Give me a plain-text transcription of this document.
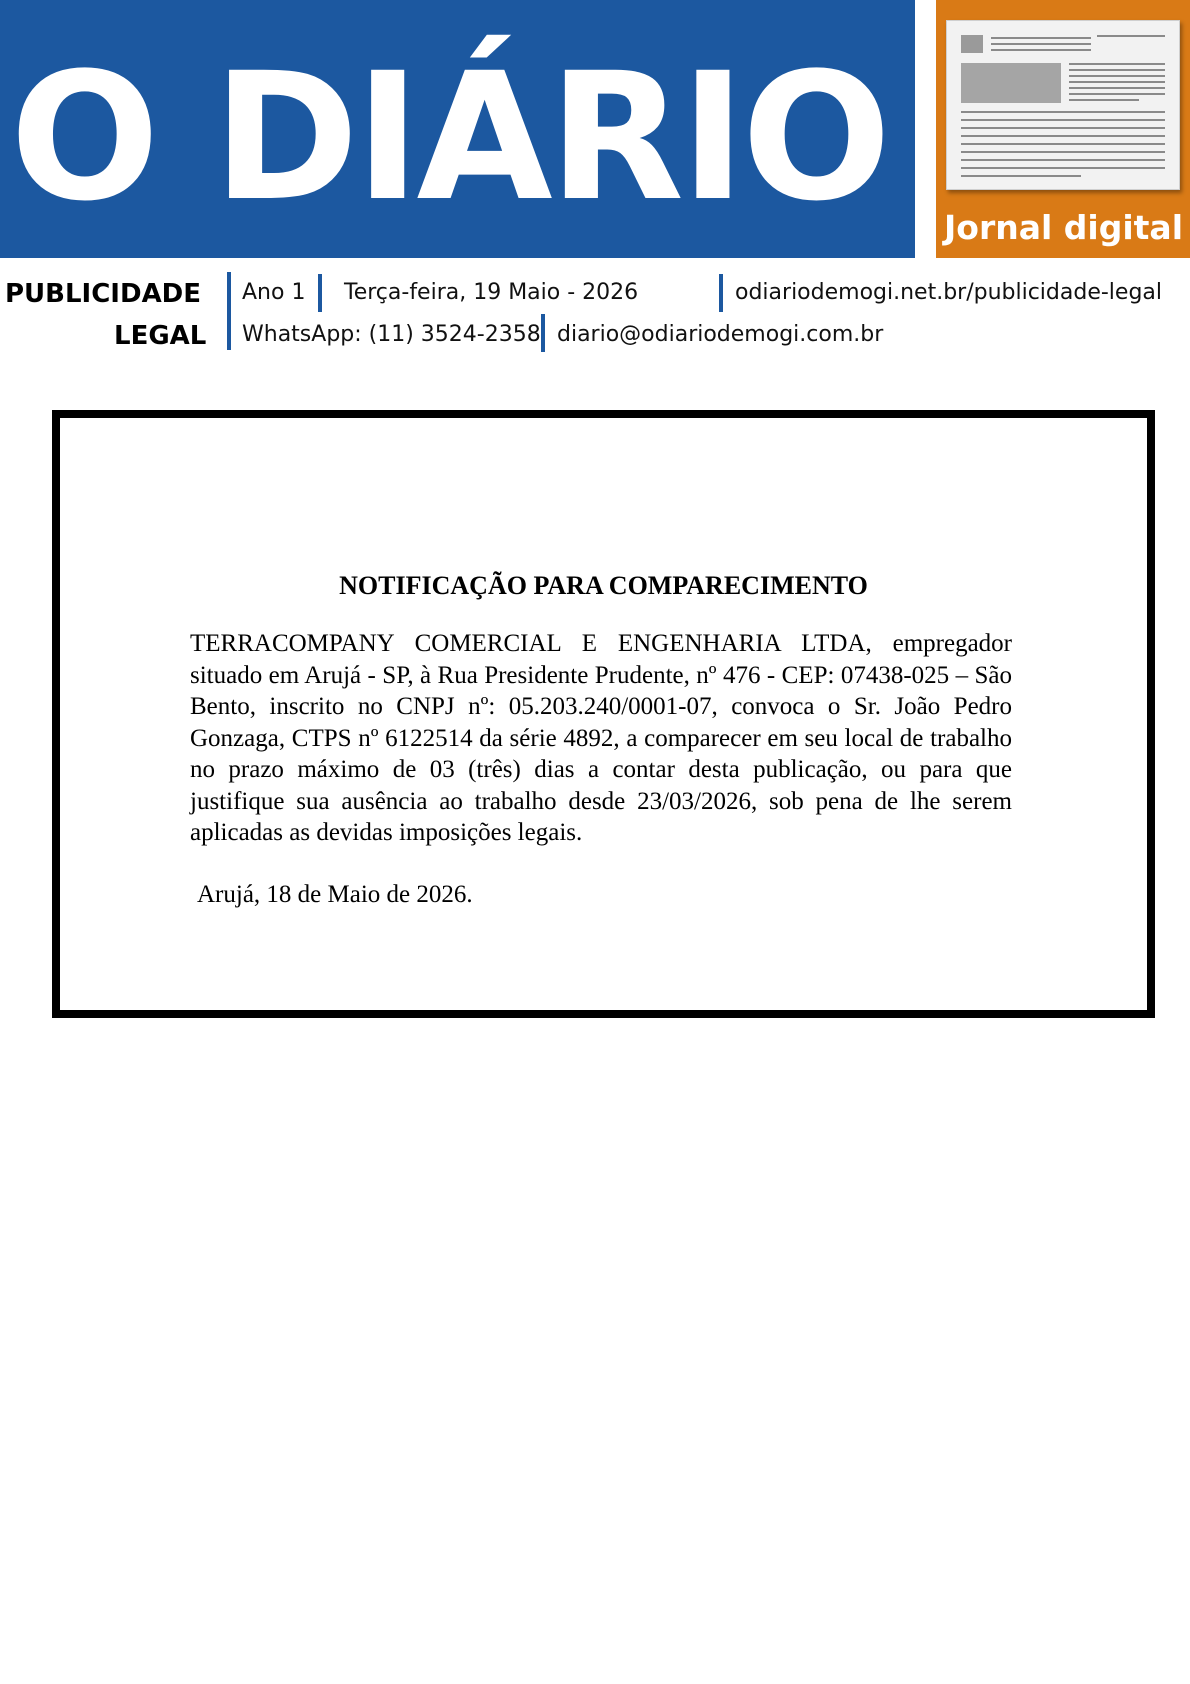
O DIÁRIO	Jornal digital
PUBLICIDADE
LEGAL
Ano 1 Terça-feira, 19 Maio - 2026	odiariodemogi.net.br/publicidade-legal
WhatsApp: (11) 3524-2358 diario@odiariodemogi.com.br
NOTIFICAÇÃO PARA COMPARECIMENTO
TERRACOMPANY COMERCIAL E ENGENHARIA LTDA, empregador situado em Arujá - SP, à Rua Presidente Prudente, nº 476 - CEP: 07438-025 – São Bento, inscrito no CNPJ nº: 05.203.240/0001-07, convoca o Sr. João Pedro Gonzaga, CTPS nº 6122514 da série 4892, a comparecer em seu local de trabalho no prazo máximo de 03 (três) dias a contar desta publicação, ou para que justifique sua ausência ao trabalho desde 23/03/2026, sob pena de lhe serem aplicadas as devidas imposições legais.
Arujá, 18 de Maio de 2026.
